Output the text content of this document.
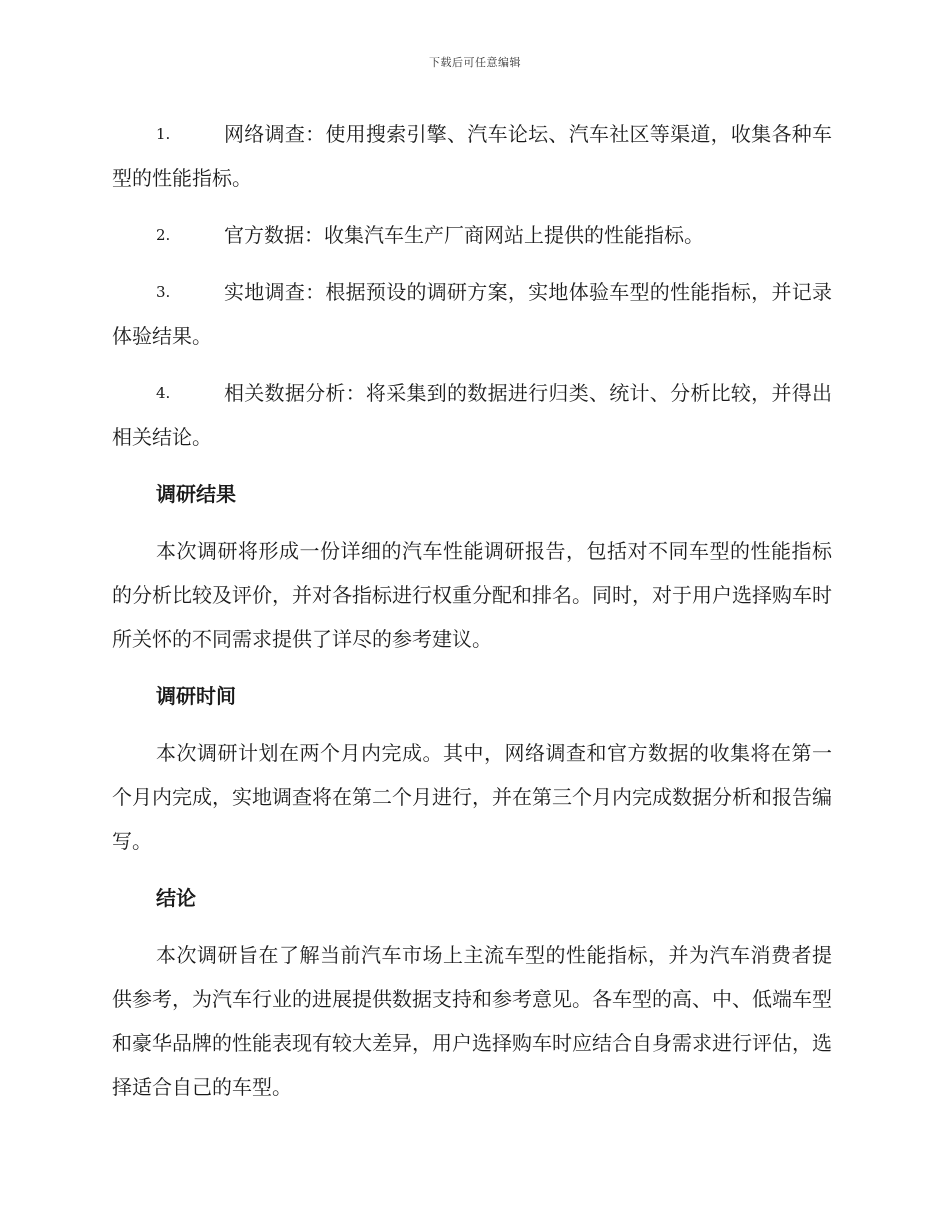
下载后可任意编辑
1.	网络调查：使用搜索引擎、汽车论坛、汽车社区等渠道，收集各种车型的性能指标。
2.	官方数据：收集汽车生产厂商网站上提供的性能指标。
3.	实地调查：根据预设的调研方案，实地体验车型的性能指标，并记录体验结果。
4.	相关数据分析：将采集到的数据进行归类、统计、分析比较，并得出相关结论。
调研结果
本次调研将形成一份详细的汽车性能调研报告，包括对不同车型的性能指标的分析比较及评价，并对各指标进行权重分配和排名。同时，对于用户选择购车时所关怀的不同需求提供了详尽的参考建议。
调研时间
本次调研计划在两个月内完成。其中，网络调查和官方数据的收集将在第一个月内完成，实地调查将在第二个月进行，并在第三个月内完成数据分析和报告编写。
结论
本次调研旨在了解当前汽车市场上主流车型的性能指标，并为汽车消费者提供参考，为汽车行业的进展提供数据支持和参考意见。各车型的高、中、低端车型和豪华品牌的性能表现有较大差异，用户选择购车时应结合自身需求进行评估，选择适合自己的车型。
